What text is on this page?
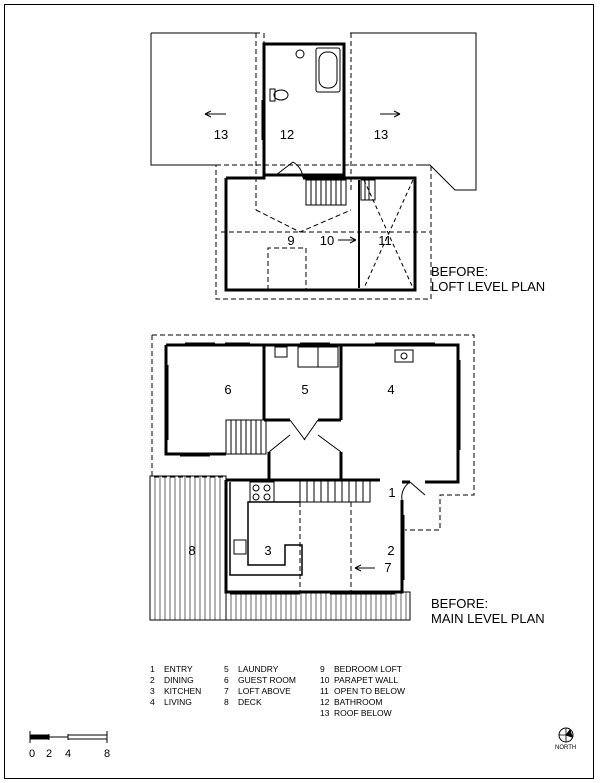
13	12	13
9 10	11
6	5	4
1
8	3	2
7
0 2 4	8
BEFORE:
LOFT LEVEL PLAN
BEFORE:
MAIN LEVEL PLAN
1 ENTRY
2 DINING
3 KITCHEN
4 LIVING
5 LAUNDRY
6 GUEST ROOM
7 LOFT ABOVE
8 DECK
9 BEDROOM LOFT
10 PARAPET WALL
11 OPEN TO BELOW
12 BATHROOM
13 ROOF BELOW
NORTH
